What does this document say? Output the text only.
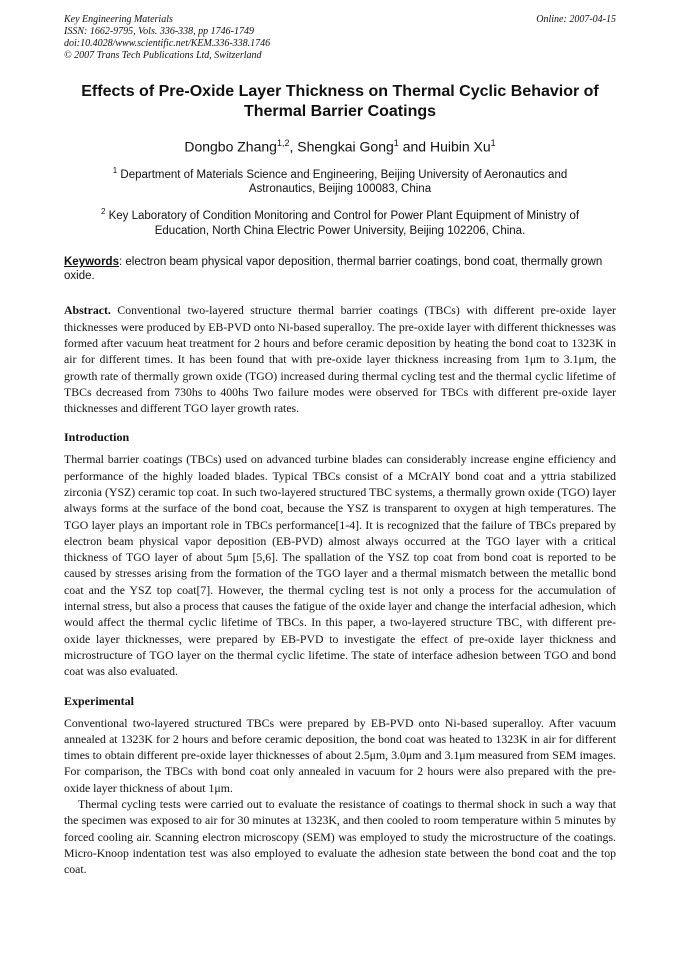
Key Engineering Materials
ISSN: 1662-9795, Vols. 336-338, pp 1746-1749
doi:10.4028/www.scientific.net/KEM.336-338.1746
© 2007 Trans Tech Publications Ltd, Switzerland
Online: 2007-04-15
Effects of Pre-Oxide Layer Thickness on Thermal Cyclic Behavior of Thermal Barrier Coatings
Dongbo Zhang$^{1,2}$, Shengkai Gong$^1$ and Huibin Xu$^1$
$^1$ Department of Materials Science and Engineering, Beijing University of Aeronautics and Astronautics, Beijing 100083, China
$^2$ Key Laboratory of Condition Monitoring and Control for Power Plant Equipment of Ministry of Education, North China Electric Power University, Beijing 102206, China.
Keywords: electron beam physical vapor deposition, thermal barrier coatings, bond coat, thermally grown oxide.
Abstract. Conventional two-layered structure thermal barrier coatings (TBCs) with different pre-oxide layer thicknesses were produced by EB-PVD onto Ni-based superalloy. The pre-oxide layer with different thicknesses was formed after vacuum heat treatment for 2 hours and before ceramic deposition by heating the bond coat to 1323K in air for different times. It has been found that with pre-oxide layer thickness increasing from 1μm to 3.1μm, the growth rate of thermally grown oxide (TGO) increased during thermal cycling test and the thermal cyclic lifetime of TBCs decreased from 730hs to 400hs Two failure modes were observed for TBCs with different pre-oxide layer thicknesses and different TGO layer growth rates.
Introduction
Thermal barrier coatings (TBCs) used on advanced turbine blades can considerably increase engine efficiency and performance of the highly loaded blades. Typical TBCs consist of a MCrAlY bond coat and a yttria stabilized zirconia (YSZ) ceramic top coat. In such two-layered structured TBC systems, a thermally grown oxide (TGO) layer always forms at the surface of the bond coat, because the YSZ is transparent to oxygen at high temperatures. The TGO layer plays an important role in TBCs performance[1-4]. It is recognized that the failure of TBCs prepared by electron beam physical vapor deposition (EB-PVD) almost always occurred at the TGO layer with a critical thickness of TGO layer of about 5μm [5,6]. The spallation of the YSZ top coat from bond coat is reported to be caused by stresses arising from the formation of the TGO layer and a thermal mismatch between the metallic bond coat and the YSZ top coat[7]. However, the thermal cycling test is not only a process for the accumulation of internal stress, but also a process that causes the fatigue of the oxide layer and change the interfacial adhesion, which would affect the thermal cyclic lifetime of TBCs. In this paper, a two-layered structure TBC, with different pre-oxide layer thicknesses, were prepared by EB-PVD to investigate the effect of pre-oxide layer thickness and microstructure of TGO layer on the thermal cyclic lifetime. The state of interface adhesion between TGO and bond coat was also evaluated.
Experimental
Conventional two-layered structured TBCs were prepared by EB-PVD onto Ni-based superalloy. After vacuum annealed at 1323K for 2 hours and before ceramic deposition, the bond coat was heated to 1323K in air for different times to obtain different pre-oxide layer thicknesses of about 2.5μm, 3.0μm and 3.1μm measured from SEM images. For comparison, the TBCs with bond coat only annealed in vacuum for 2 hours were also prepared with the pre-oxide layer thickness of about 1μm.
Thermal cycling tests were carried out to evaluate the resistance of coatings to thermal shock in such a way that the specimen was exposed to air for 30 minutes at 1323K, and then cooled to room temperature within 5 minutes by forced cooling air. Scanning electron microscopy (SEM) was employed to study the microstructure of the coatings. Micro-Knoop indentation test was also employed to evaluate the adhesion state between the bond coat and the top coat.
